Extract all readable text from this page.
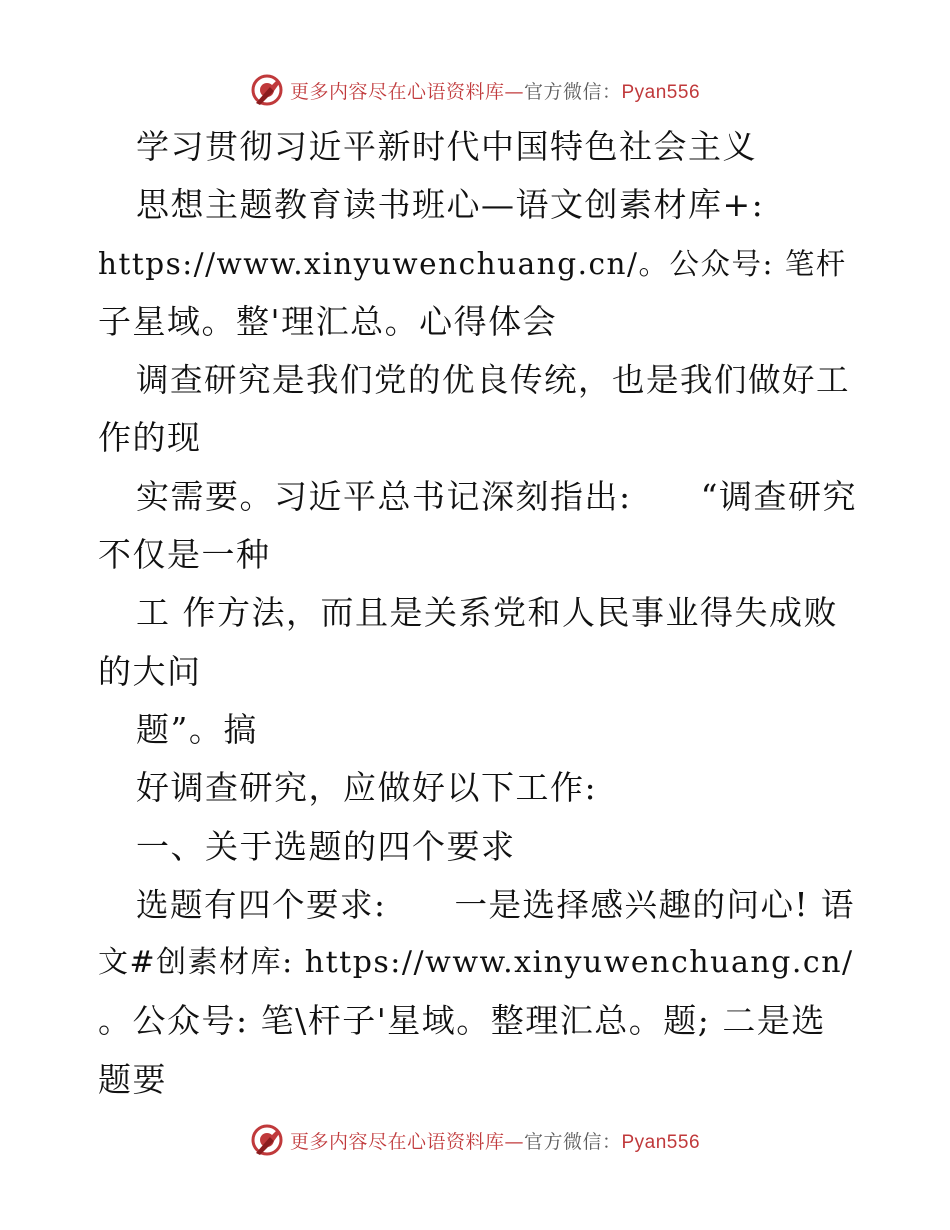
更多内容尽在心语资料库—官方微信：Pyan556
学习贯彻习近平新时代中国特色社会主义
思想主题教育读书班心—语文创素材库+:
https://www.xinyuwenchuang.cn/。公众号: 笔杆
子星域。整'理汇总。心得体会
调查研究是我们党的优良传统，也是我们做好工
作的现
实需要。习近平总书记深刻指出:　　“调查研究
不仅是一种
工 作方法，而且是关系党和人民事业得失成败
的大问
题”。搞
好调查研究，应做好以下工作:
一、关于选题的四个要求
选题有四个要求:　　一是选择感兴趣的问心! 语
文#创素材库: https://www.xinyuwenchuang.cn/
。公众号: 笔\杆子'星域。整理汇总。题; 二是选
题要
更多内容尽在心语资料库—官方微信：Pyan556
